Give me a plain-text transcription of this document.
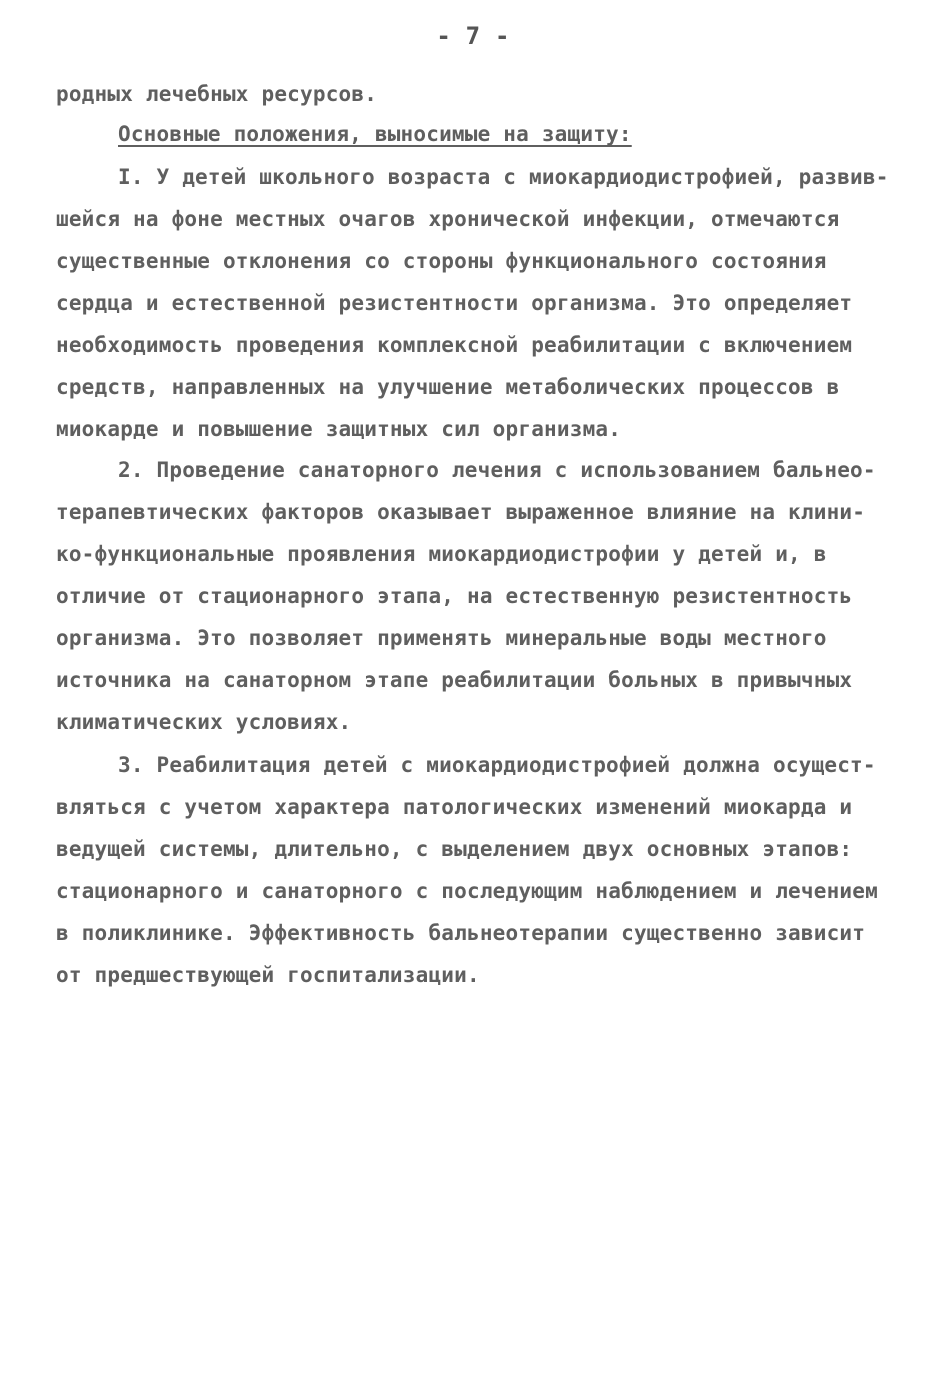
- 7 -
родных лечебных ресурсов.
Основные положения, выносимые на защиту:
I. У детей школьного возраста с миокардиодистрофией, развив-
шейся на фоне местных очагов хронической инфекции, отмечаются
существенные отклонения со стороны функционального состояния
сердца и естественной резистентности организма. Это определяет
необходимость проведения комплексной реабилитации с включением
средств, направленных на улучшение метаболических процессов в
миокарде и повышение защитных сил организма.
2. Проведение санаторного лечения с использованием бальнео-
терапевтических факторов оказывает выраженное влияние на клини-
ко-функциональные проявления миокардиодистрофии у детей и, в
отличие от стационарного этапа, на естественную резистентность
организма. Это позволяет применять минеральные воды местного
источника на санаторном этапе реабилитации больных в привычных
климатических условиях.
3. Реабилитация детей с миокардиодистрофией должна осущест-
вляться с учетом характера патологических изменений миокарда и
ведущей системы, длительно, с выделением двух основных этапов:
стационарного и санаторного с последующим наблюдением и лечением
в поликлинике. Эффективность бальнеотерапии существенно зависит
от предшествующей госпитализации.
